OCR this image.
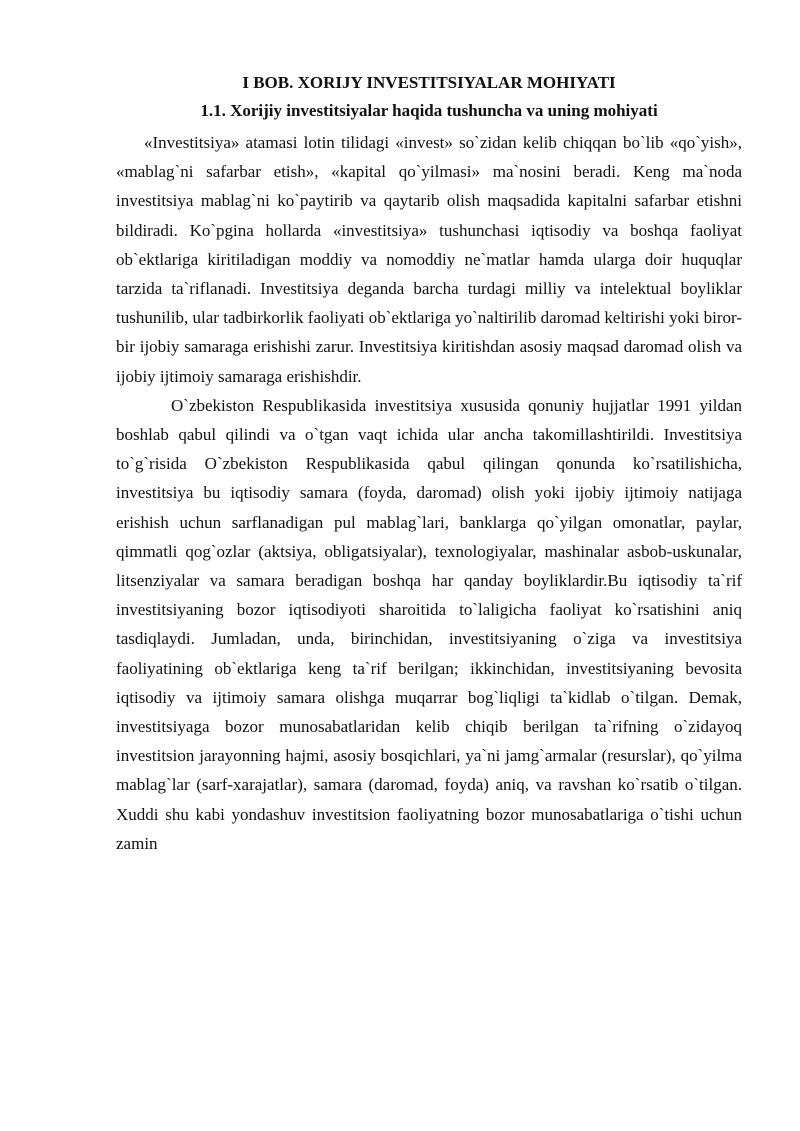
I BOB. XORIJY INVESTITSIYALAR MOHIYATI
1.1. Xorijiy investitsiyalar haqida tushuncha va uning mohiyati

«Investitsiya» atamasi lotin tilidagi «invest» so`zidan kelib chiqqan bo`lib «qo`yish», «mablag`ni safarbar etish», «kapital qo`yilmasi» ma`nosini beradi. Keng ma`noda investitsiya mablag`ni ko`paytirib va qaytarib olish maqsadida kapitalni safarbar etishni bildiradi. Ko`pgina hollarda «investitsiya» tushunchasi iqtisodiy va boshqa faoliyat ob`ektlariga kiritiladigan moddiy va nomoddiy ne`matlar hamda ularga doir huquqlar tarzida ta`riflanadi. Investitsiya deganda barcha turdagi milliy va intelektual boyliklar tushunilib, ular tadbirkorlik faoliyati ob`ektlariga yo`naltirilib daromad keltirishi yoki biror-bir ijobiy samaraga erishishi zarur. Investitsiya kiritishdan asosiy maqsad daromad olish va ijobiy ijtimoiy samaraga erishishdir.

O`zbekiston Respublikasida investitsiya xususida qonuniy hujjatlar 1991 yildan boshlab qabul qilindi va o`tgan vaqt ichida ular ancha takomillashtirildi. Investitsiya to`g`risida O`zbekiston Respublikasida qabul qilingan qonunda ko`rsatilishicha, investitsiya bu iqtisodiy samara (foyda, daromad) olish yoki ijobiy ijtimoiy natijaga erishish uchun sarflanadigan pul mablag`lari, banklarga qo`yilgan omonatlar, paylar, qimmatli qog`ozlar (aktsiya, obligatsiyalar), texnologiyalar, mashinalar asbob-uskunalar, litsenziyalar va samara beradigan boshqa har qanday boyliklardir.Bu iqtisodiy ta`rif investitsiyaning bozor iqtisodiyoti sharoitida to`laligicha faoliyat ko`rsatishini aniq tasdiqlaydi. Jumladan, unda, birinchidan, investitsiyaning o`ziga va investitsiya faoliyatining ob`ektlariga keng ta`rif berilgan; ikkinchidan, investitsiyaning bevosita iqtisodiy va ijtimoiy samara olishga muqarrar bog`liqligi ta`kidlab o`tilgan. Demak, investitsiyaga bozor munosabatlaridan kelib chiqib berilgan ta`rifning o`zidayoq investitsion jarayonning hajmi, asosiy bosqichlari, ya`ni jamg`armalar (resurslar), qo`yilma mablag`lar (sarf-xarajatlar), samara (daromad, foyda) aniq, va ravshan ko`rsatib o`tilgan. Xuddi shu kabi yondashuv investitsion faoliyatning bozor munosabatlariga o`tishi uchun zamin
